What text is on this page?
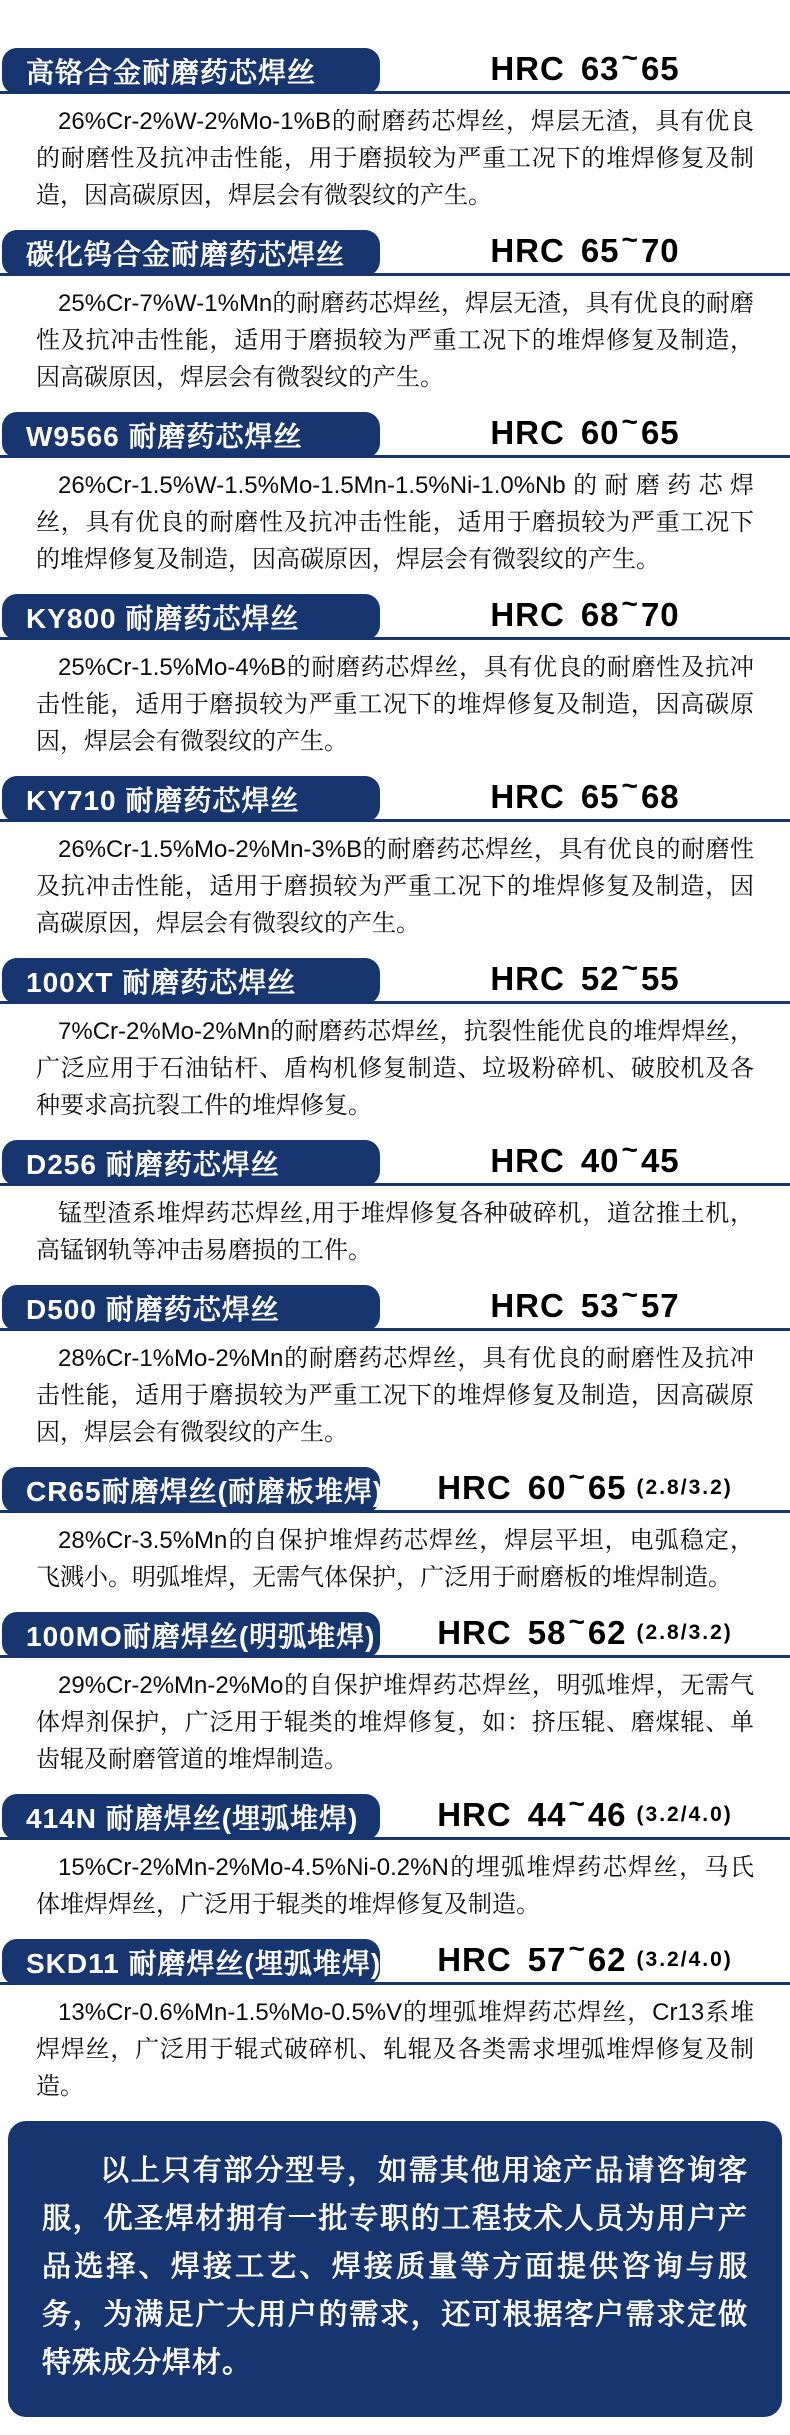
高铬合金耐磨药芯焊丝	HRC 63 ~ 65

26%Cr-2%W-2%Mo-1%B的耐磨药芯焊丝，焊层无渣，具有优良的耐磨性及抗冲击性能，用于磨损较为严重工况下的堆焊修复及制造，因高碳原因，焊层会有微裂纹的产生。

碳化钨合金耐磨药芯焊丝	HRC 65 ~ 70

25%Cr-7%W-1%Mn的耐磨药芯焊丝，焊层无渣，具有优良的耐磨性及抗冲击性能，适用于磨损较为严重工况下的堆焊修复及制造，因高碳原因，焊层会有微裂纹的产生。

W9566 耐磨药芯焊丝	HRC 60 ~ 65

26%Cr-1.5%W-1.5%Mo-1.5Mn-1.5%Ni-1.0%Nb的耐磨药芯焊丝，具有优良的耐磨性及抗冲击性能，适用于磨损较为严重工况下的堆焊修复及制造，因高碳原因，焊层会有微裂纹的产生。

KY800 耐磨药芯焊丝	HRC 68 ~ 70

25%Cr-1.5%Mo-4%B的耐磨药芯焊丝，具有优良的耐磨性及抗冲击性能，适用于磨损较为严重工况下的堆焊修复及制造，因高碳原因，焊层会有微裂纹的产生。

KY710 耐磨药芯焊丝	HRC 65 ~ 68

26%Cr-1.5%Mo-2%Mn-3%B的耐磨药芯焊丝，具有优良的耐磨性及抗冲击性能，适用于磨损较为严重工况下的堆焊修复及制造，因高碳原因，焊层会有微裂纹的产生。

100XT 耐磨药芯焊丝	HRC 52 ~ 55

7%Cr-2%Mo-2%Mn的耐磨药芯焊丝，抗裂性能优良的堆焊焊丝，广泛应用于石油钻杆、盾构机修复制造、垃圾粉碎机、破胶机及各种要求高抗裂工件的堆焊修复。

D256 耐磨药芯焊丝	HRC 40 ~ 45

锰型渣系堆焊药芯焊丝,用于堆焊修复各种破碎机，道岔推土机，高锰钢轨等冲击易磨损的工件。

D500 耐磨药芯焊丝	HRC 53 ~ 57

28%Cr-1%Mo-2%Mn的耐磨药芯焊丝，具有优良的耐磨性及抗冲击性能，适用于磨损较为严重工况下的堆焊修复及制造，因高碳原因，焊层会有微裂纹的产生。

CR65耐磨焊丝(耐磨板堆焊) HRC 60 ~ 65 (2.8/3.2)

28%Cr-3.5%Mn的自保护堆焊药芯焊丝，焊层平坦，电弧稳定，飞溅小。明弧堆焊，无需气体保护，广泛用于耐磨板的堆焊制造。

100MO耐磨焊丝(明弧堆焊) HRC 58 ~ 62 (2.8/3.2)

29%Cr-2%Mn-2%Mo的自保护堆焊药芯焊丝，明弧堆焊，无需气体焊剂保护，广泛用于辊类的堆焊修复，如：挤压辊、磨煤辊、单齿辊及耐磨管道的堆焊制造。

414N 耐磨焊丝(埋弧堆焊) HRC 44 ~ 46 (3.2/4.0)

15%Cr-2%Mn-2%Mo-4.5%Ni-0.2%N的埋弧堆焊药芯焊丝，马氏体堆焊焊丝，广泛用于辊类的堆焊修复及制造。

SKD11 耐磨焊丝(埋弧堆焊) HRC 57 ~ 62 (3.2/4.0)

13%Cr-0.6%Mn-1.5%Mo-0.5%V的埋弧堆焊药芯焊丝，Cr13系堆焊焊丝，广泛用于辊式破碎机、轧辊及各类需求埋弧堆焊修复及制造。

以上只有部分型号，如需其他用途产品请咨询客服，优圣焊材拥有一批专职的工程技术人员为用户产品选择、焊接工艺、焊接质量等方面提供咨询与服务，为满足广大用户的需求，还可根据客户需求定做特殊成分焊材。
